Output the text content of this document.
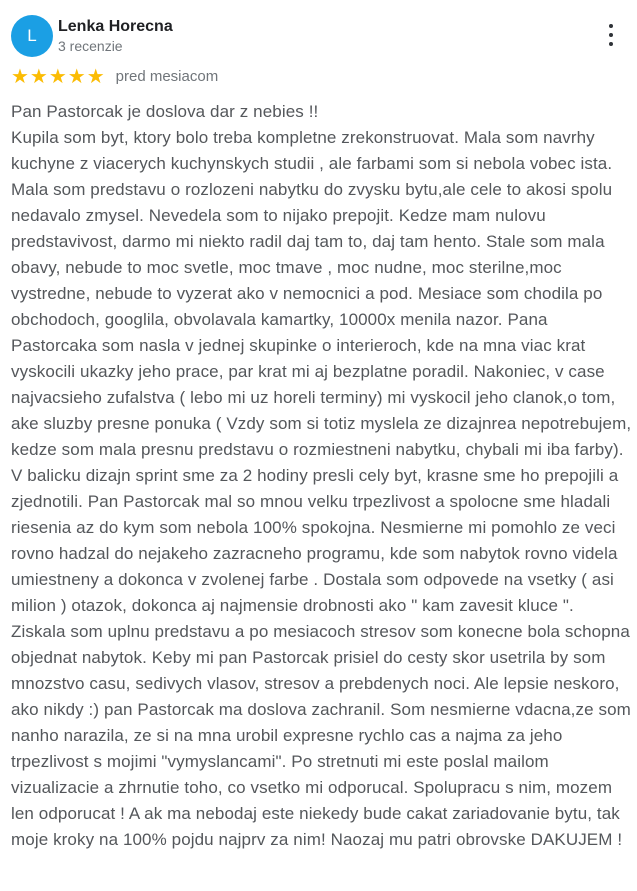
L Lenka Horecna
3 recenzie
★★★★★ pred mesiacom
Pan Pastorcak je doslova dar z nebies !!
Kupila som byt, ktory bolo treba kompletne zrekonstruovat. Mala som navrhy kuchyne z viacerych kuchynskych studii , ale farbami som si nebola vobec ista. Mala som predstavu o rozlozeni nabytku do zvysku bytu,ale cele to akosi spolu nedavalo zmysel. Nevedela som to nijako prepojit. Kedze mam nulovu predstavivost, darmo mi niekto radil daj tam to, daj tam hento. Stale som mala obavy, nebude to moc svetle, moc tmave , moc nudne, moc sterilne,moc vystredne, nebude to vyzerat ako v nemocnici a pod. Mesiace som chodila po obchodoch, googlila, obvolavala kamartky, 10000x menila nazor. Pana Pastorcaka som nasla v jednej skupinke o interieroch, kde na mna viac krat vyskocili ukazky jeho prace, par krat mi aj bezplatne poradil. Nakoniec, v case najvacsieho zufalstva ( lebo mi uz horeli terminy) mi vyskocil jeho clanok,o tom, ake sluzby presne ponuka ( Vzdy som si totiz myslela ze dizajnrea nepotrebujem, kedze som mala presnu predstavu o rozmiestneni nabytku, chybali mi iba farby). V balicku dizajn sprint sme za 2 hodiny presli cely byt, krasne sme ho prepojili a zjednotili. Pan Pastorcak mal so mnou velku trpezlivost a spolocne sme hladali riesenia az do kym som nebola 100% spokojna. Nesmierne mi pomohlo ze veci rovno hadzal do nejakeho zazracneho programu, kde som nabytok rovno videla umiestneny a dokonca v zvolenej farbe . Dostala som odpovede na vsetky ( asi milion ) otazok, dokonca aj najmensie drobnosti ako " kam zavesit kluce ". Ziskala som uplnu predstavu a po mesiacoch stresov som konecne bola schopna objednat nabytok. Keby mi pan Pastorcak prisiel do cesty skor usetrila by som mnozstvo casu, sedivych vlasov, stresov a prebdenych noci. Ale lepsie neskoro, ako nikdy :) pan Pastorcak ma doslova zachranil. Som nesmierne vdacna,ze som nanho narazila, ze si na mna urobil expresne rychlo cas a najma za jeho trpezlivost s mojimi "vymyslancami". Po stretnuti mi este poslal mailom vizualizacie a zhrnutie toho, co vsetko mi odporucal. Spolupracu s nim, mozem len odporucat ! A ak ma nebodaj este niekedy bude cakat zariadovanie bytu, tak moje kroky na 100% pojdu najprv za nim! Naozaj mu patri obrovske DAKUJEM !
